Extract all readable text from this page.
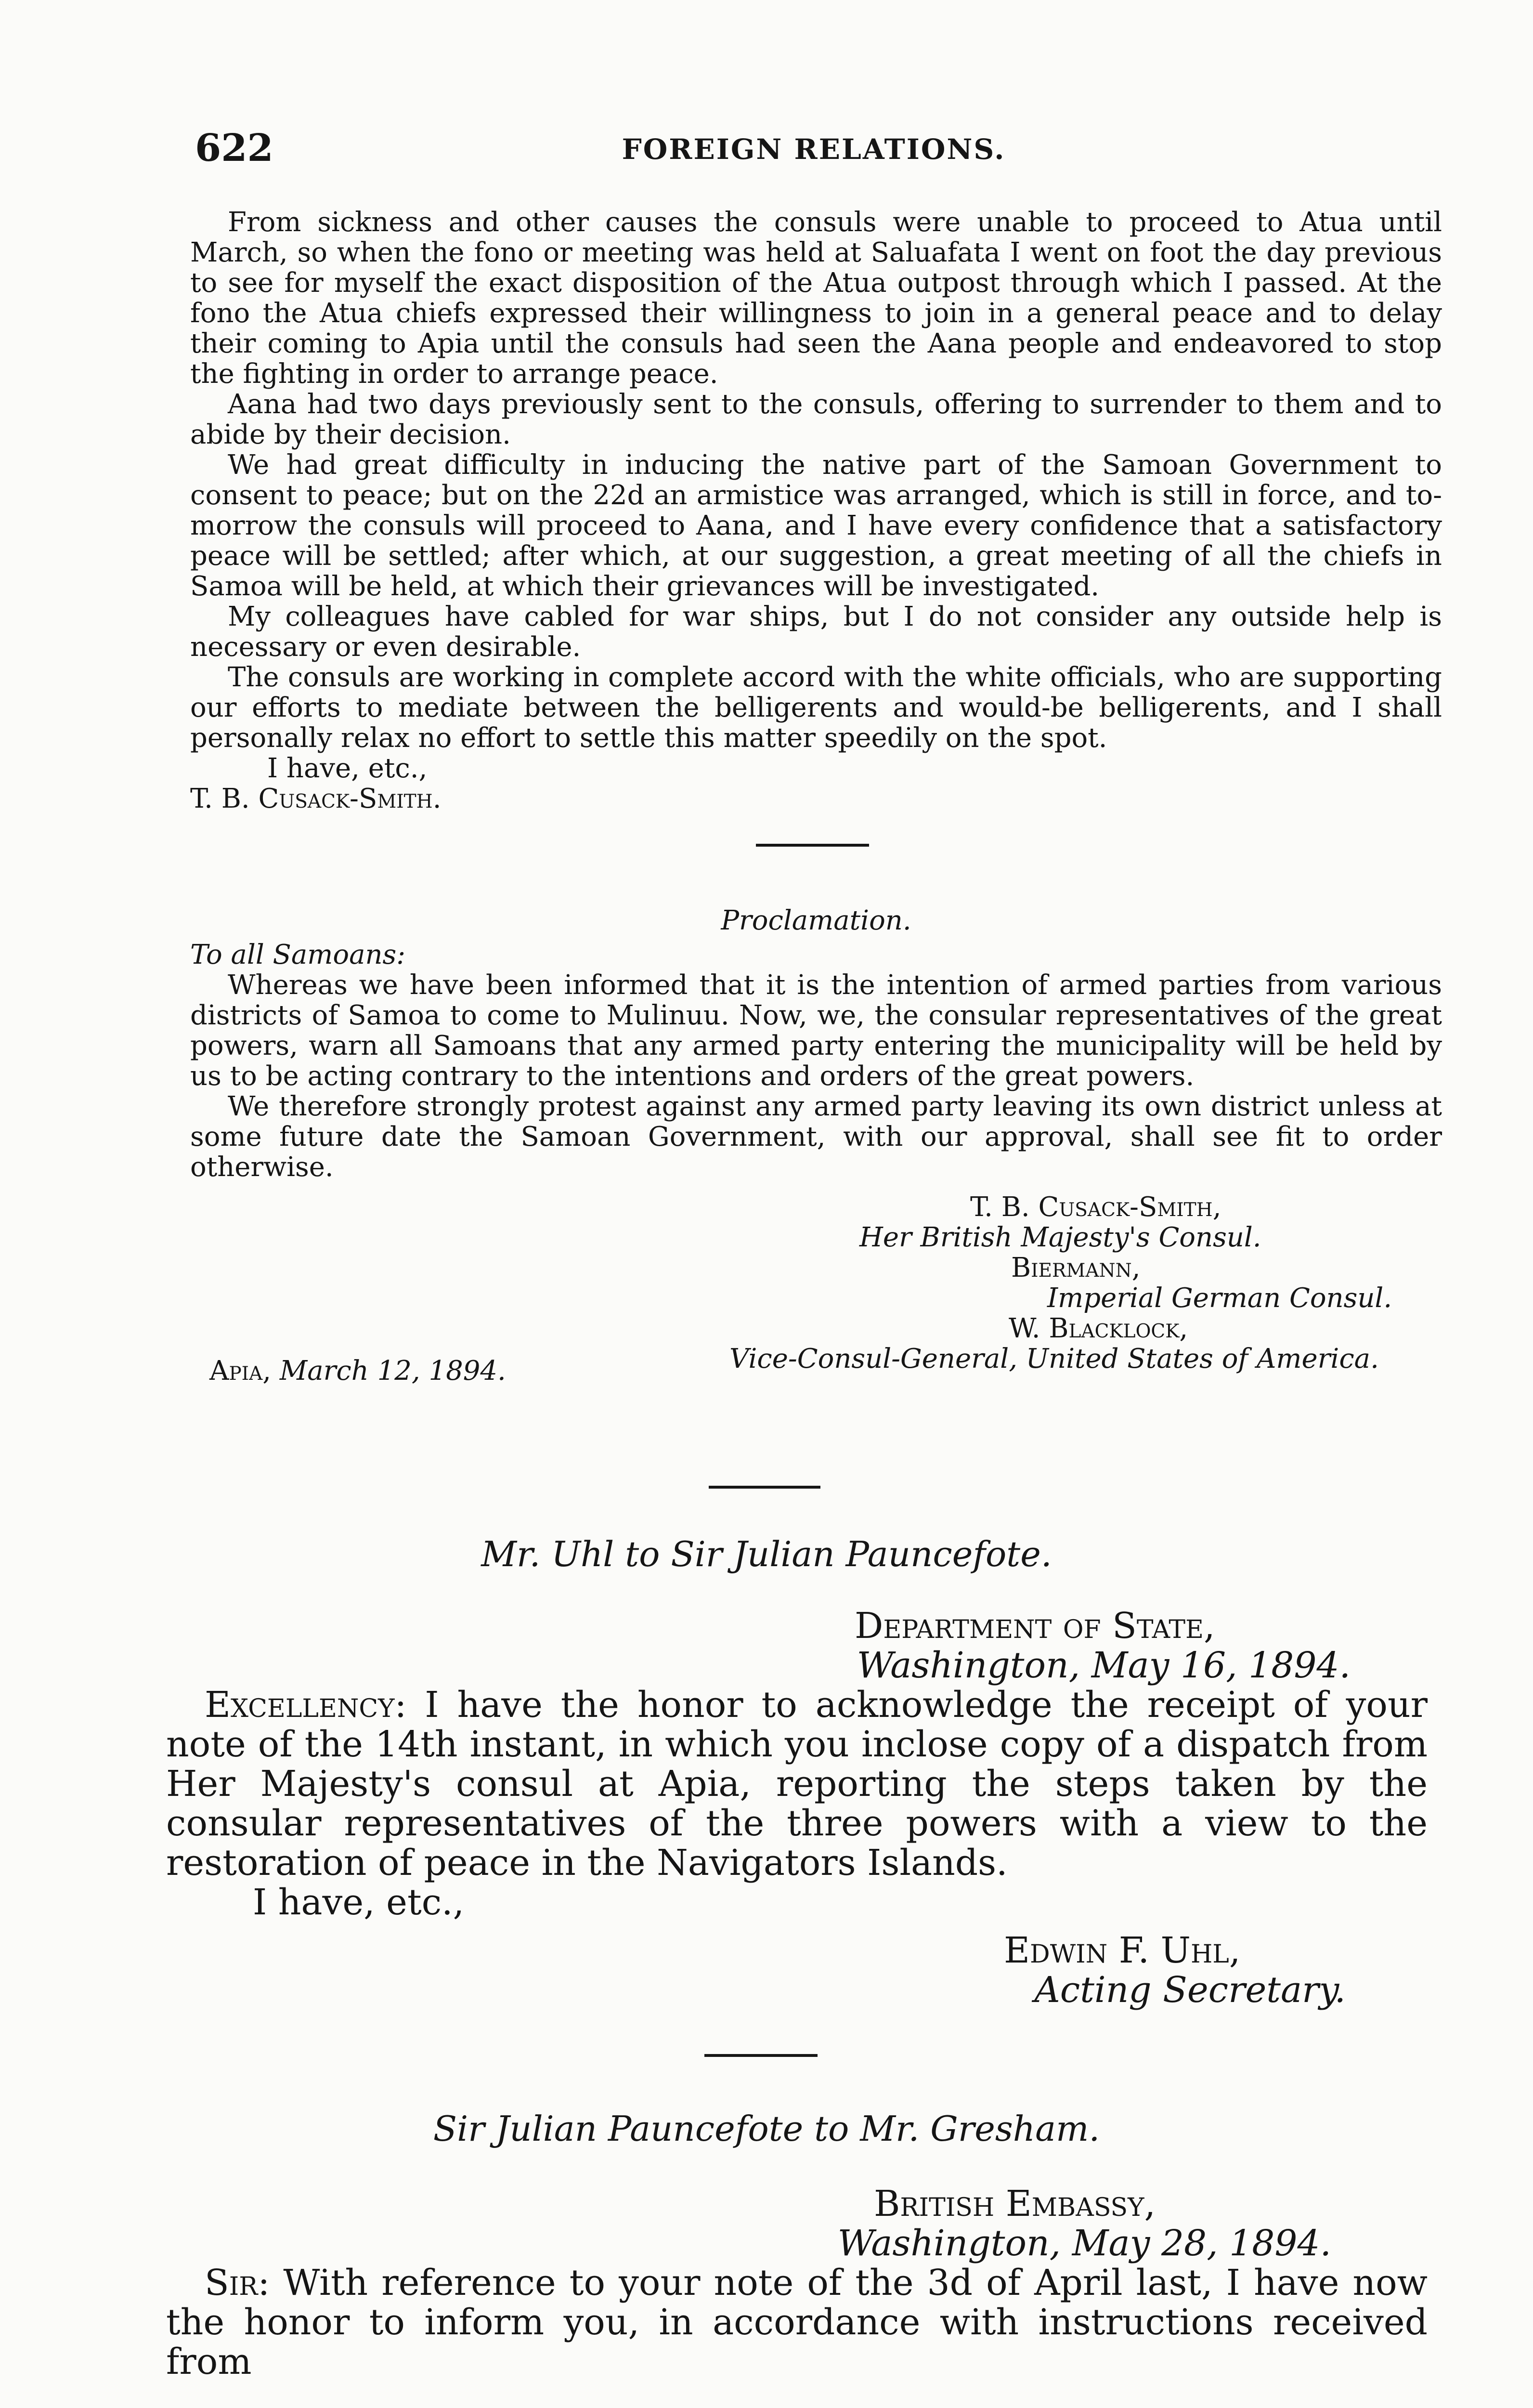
622	FOREIGN RELATIONS.

From sickness and other causes the consuls were unable to proceed to Atua until March, so when the fono or meeting was held at Saluafata I went on foot the day previous to see for myself the exact disposition of the Atua outpost through which I passed. At the fono the Atua chiefs expressed their willingness to join in a general peace and to delay their coming to Apia until the consuls had seen the Aana people and endeavored to stop the fighting in order to arrange peace.

Aana had two days previously sent to the consuls, offering to surrender to them and to abide by their decision.

We had great difficulty in inducing the native part of the Samoan Government to consent to peace; but on the 22d an armistice was arranged, which is still in force, and to-morrow the consuls will proceed to Aana, and I have every confidence that a satisfactory peace will be settled; after which, at our suggestion, a great meeting of all the chiefs in Samoa will be held, at which their grievances will be investigated.

My colleagues have cabled for war ships, but I do not consider any outside help is necessary or even desirable.

The consuls are working in complete accord with the white officials, who are supporting our efforts to mediate between the belligerents and would-be belligerents, and I shall personally relax no effort to settle this matter speedily on the spot.

I have, etc.,

T. B. Cusack-Smith.

Proclamation.

To all Samoans:

Whereas we have been informed that it is the intention of armed parties from various districts of Samoa to come to Mulinuu. Now, we, the consular representatives of the great powers, warn all Samoans that any armed party entering the municipality will be held by us to be acting contrary to the intentions and orders of the great powers.

We therefore strongly protest against any armed party leaving its own district unless at some future date the Samoan Government, with our approval, shall see fit to order otherwise.

T. B. Cusack-Smith,
Her British Majesty's Consul.
Biermann,
Imperial German Consul.
W. Blacklock,
Vice-Consul-General, United States of America.
Apia, March 12, 1894.
Mr. Uhl to Sir Julian Pauncefote.
Department of State,
Washington, May 16, 1894.

Excellency: I have the honor to acknowledge the receipt of your note of the 14th instant, in which you inclose copy of a dispatch from Her Majesty's consul at Apia, reporting the steps taken by the consular representatives of the three powers with a view to the restoration of peace in the Navigators Islands.

I have, etc.,

Edwin F. Uhl,
Acting Secretary.
Sir Julian Pauncefote to Mr. Gresham.
British Embassy,
Washington, May 28, 1894.

Sir: With reference to your note of the 3d of April last, I have now the honor to inform you, in accordance with instructions received from
